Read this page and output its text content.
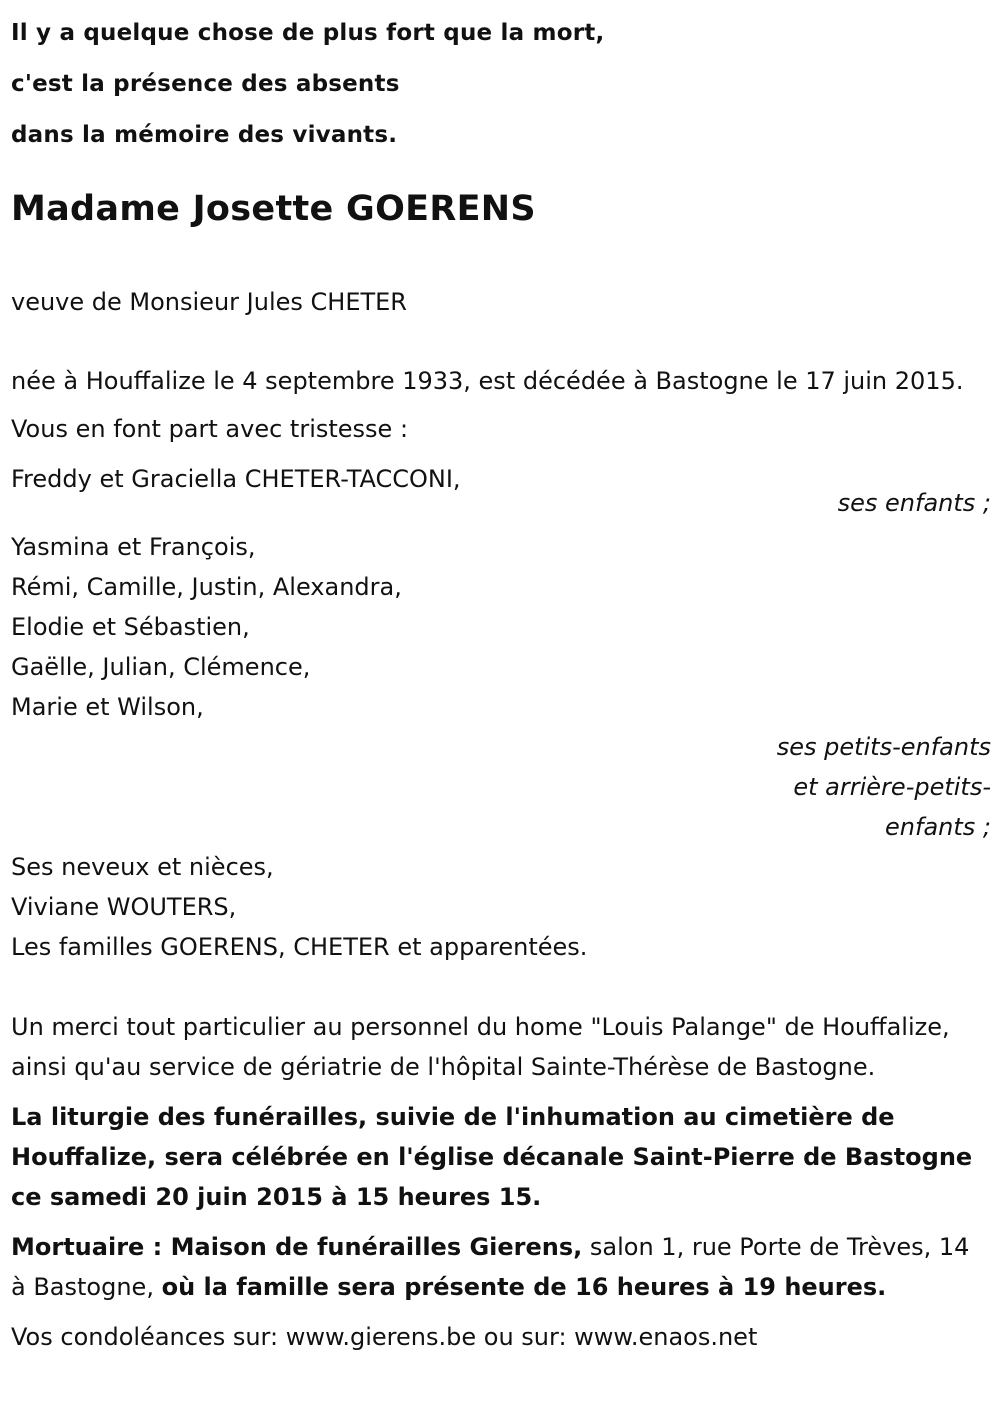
Il y a quelque chose de plus fort que la mort,
c'est la présence des absents
dans la mémoire des vivants.
Madame Josette GOERENS

veuve de Monsieur Jules CHETER

née à Houffalize le 4 septembre 1933, est décédée à Bastogne le 17 juin 2015.

Vous en font part avec tristesse :

Freddy et Graciella CHETER-TACCONI,

ses enfants ;

Yasmina et François,

Rémi, Camille, Justin, Alexandra,

Elodie et Sébastien,

Gaëlle, Julian, Clémence,

Marie et Wilson,

ses petits-enfants

et arrière-petits-

enfants ;

Ses neveux et nièces,

Viviane WOUTERS,

Les familles GOERENS, CHETER et apparentées.

Un merci tout particulier au personnel du home "Louis Palange" de Houffalize, ainsi qu'au service de gériatrie de l'hôpital Sainte-Thérèse de Bastogne.

La liturgie des funérailles, suivie de l'inhumation au cimetière de Houffalize, sera célébrée en l'église décanale Saint-Pierre de Bastogne ce samedi 20 juin 2015 à 15 heures 15.

Mortuaire : Maison de funérailles Gierens, salon 1, rue Porte de Trèves, 14 à Bastogne, où la famille sera présente de 16 heures à 19 heures.

Vos condoléances sur: www.gierens.be ou sur: www.enaos.net
